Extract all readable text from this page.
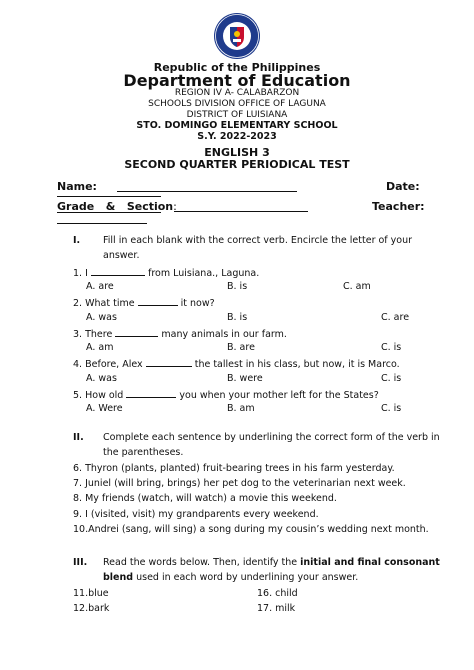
Republic of the Philippines
Department of Education
REGION IV A- CALABARZON
SCHOOLS DIVISION OFFICE OF LAGUNA
DISTRICT OF LUISIANA
STO. DOMINGO ELEMENTARY SCHOOL
S.Y. 2022-2023
ENGLISH 3
SECOND QUARTER PERIODICAL TEST
Name:	Date:
Grade & Section:	Teacher:
I. Fill in each blank with the correct verb. Encircle the letter of your
answer.
1. I	from Luisiana., Laguna.
A. are	B. is	C. am
2. What time	it now?
A. was	B. is	C. are
3. There	many animals in our farm.
A. am	B. are	C. is
4. Before, Alex	the tallest in his class, but now, it is Marco.
A. was	B. were	C. is
5. How old	you when your mother left for the States?
A. Were	B. am	C. is
II. Complete each sentence by underlining the correct form of the verb in
the parentheses.
6. Thyron (plants, planted) fruit-bearing trees in his farm yesterday.
7. Juniel (will bring, brings) her pet dog to the veterinarian next week.
8. My friends (watch, will watch) a movie this weekend.
9. I (visited, visit) my grandparents every weekend.
10.Andrei (sang, will sing) a song during my cousin’s wedding next month.
III. Read the words below. Then, identify the initial and final consonant
blend used in each word by underlining your answer.
11.blue	16. child
12.bark	17. milk
